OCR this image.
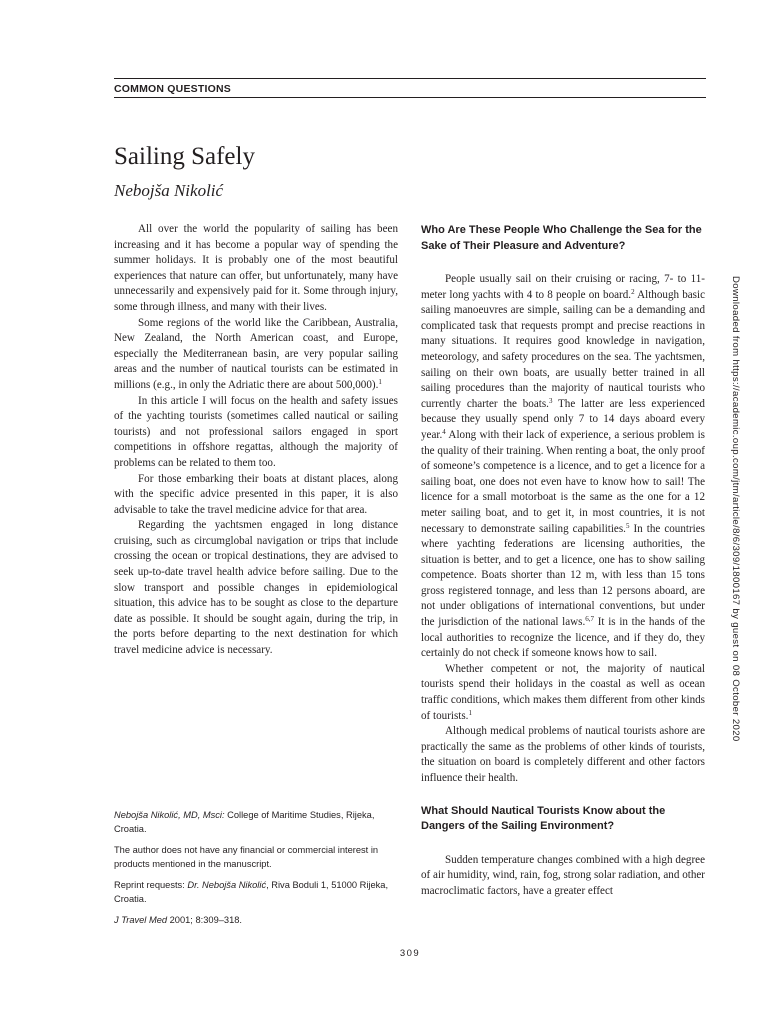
COMMON QUESTIONS
Sailing Safely
Nebojša Nikolić

All over the world the popularity of sailing has been increasing and it has become a popular way of spending the summer holidays. It is probably one of the most beautiful experiences that nature can offer, but unfortunately, many have unnecessarily and expensively paid for it. Some through injury, some through illness, and many with their lives.

Some regions of the world like the Caribbean, Australia, New Zealand, the North American coast, and Europe, especially the Mediterranean basin, are very popular sailing areas and the number of nautical tourists can be estimated in millions (e.g., in only the Adriatic there are about 500,000).$^1$

In this article I will focus on the health and safety issues of the yachting tourists (sometimes called nautical or sailing tourists) and not professional sailors engaged in sport competitions in offshore regattas, although the majority of problems can be related to them too.

For those embarking their boats at distant places, along with the specific advice presented in this paper, it is also advisable to take the travel medicine advice for that area.

Regarding the yachtsmen engaged in long distance cruising, such as circumglobal navigation or trips that include crossing the ocean or tropical destinations, they are advised to seek up-to-date travel health advice before sailing. Due to the slow transport and possible changes in epidemiological situation, this advice has to be sought as close to the departure date as possible. It should be sought again, during the trip, in the ports before departing to the next destination for which travel medicine advice is necessary.

Who Are These People Who Challenge the Sea for the Sake of Their Pleasure and Adventure?

People usually sail on their cruising or racing, 7- to 11-meter long yachts with 4 to 8 people on board.$^2$ Although basic sailing manoeuvres are simple, sailing can be a demanding and complicated task that requests prompt and precise reactions in many situations. It requires good knowledge in navigation, meteorology, and safety procedures on the sea. The yachtsmen, sailing on their own boats, are usually better trained in all sailing procedures than the majority of nautical tourists who currently charter the boats.$^3$ The latter are less experienced because they usually spend only 7 to 14 days aboard every year.$^4$ Along with their lack of experience, a serious problem is the quality of their training. When renting a boat, the only proof of someone’s competence is a licence, and to get a licence for a sailing boat, one does not even have to know how to sail! The licence for a small motorboat is the same as the one for a 12 meter sailing boat, and to get it, in most countries, it is not necessary to demonstrate sailing capabilities.$^5$ In the countries where yachting federations are licensing authorities, the situation is better, and to get a licence, one has to show sailing competence. Boats shorter than 12 m, with less than 15 tons gross registered tonnage, and less than 12 persons aboard, are not under obligations of international conventions, but under the jurisdiction of the national laws.$^{6,7}$ It is in the hands of the local authorities to recognize the licence, and if they do, they certainly do not check if someone knows how to sail.

Whether competent or not, the majority of nautical tourists spend their holidays in the coastal as well as ocean traffic conditions, which makes them different from other kinds of tourists.$^1$

Although medical problems of nautical tourists ashore are practically the same as the problems of other kinds of tourists, the situation on board is completely different and other factors influence their health.

What Should Nautical Tourists Know about the Dangers of the Sailing Environment?

Sudden temperature changes combined with a high degree of air humidity, wind, rain, fog, strong solar radiation, and other macroclimatic factors, have a greater effect

Nebojša Nikolić, MD, Msci: College of Maritime Studies, Rijeka, Croatia.

The author does not have any financial or commercial interest in products mentioned in the manuscript.

Reprint requests: Dr. Nebojša Nikolić, Riva Boduli 1, 51000 Rijeka, Croatia.

J Travel Med 2001; 8:309–318.

309
Downloaded from https://academic.oup.com/jtm/article/8/6/309/1800167 by guest on 08 October 2020
